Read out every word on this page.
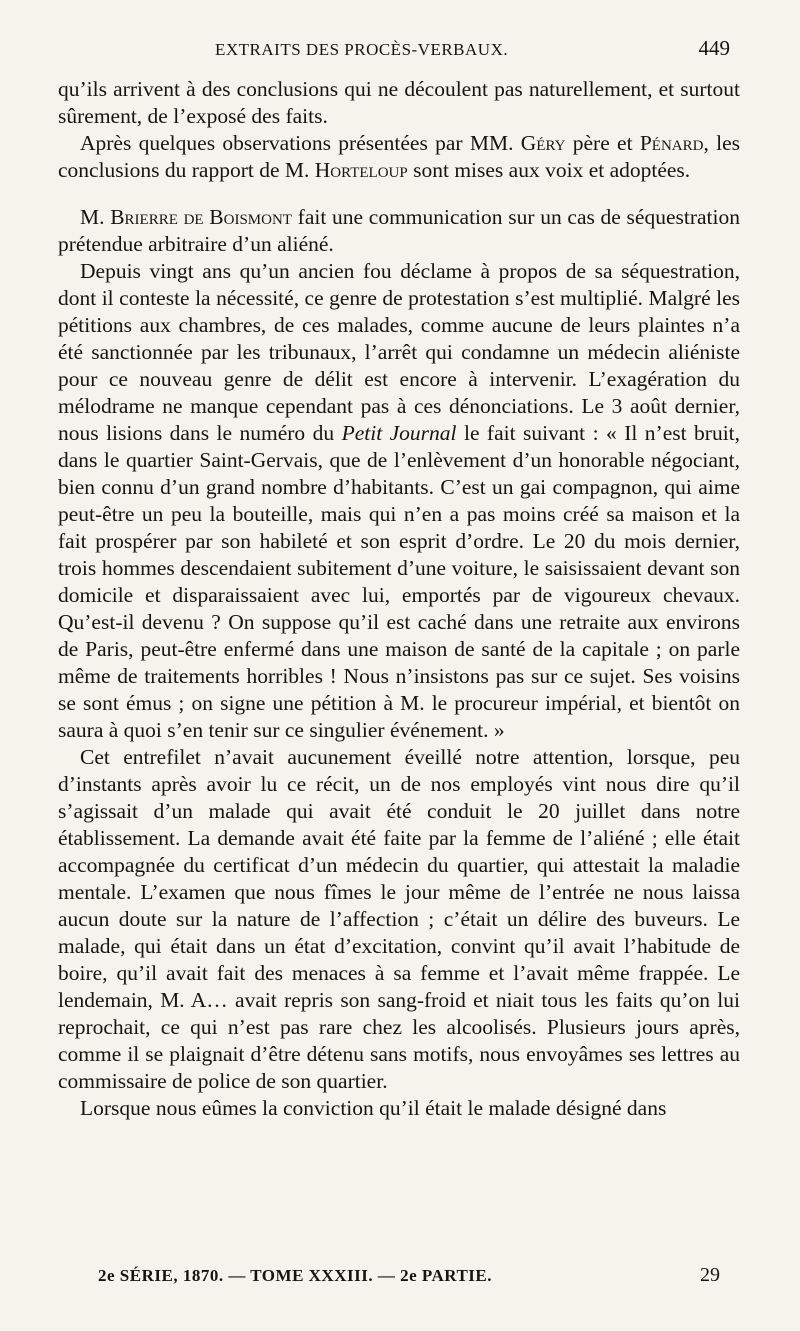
EXTRAITS DES PROCÈS-VERBAUX.	449

qu’ils arrivent à des conclusions qui ne découlent pas naturellement, et surtout sûrement, de l’exposé des faits.

Après quelques observations présentées par MM. Géry père et Pénard, les conclusions du rapport de M. Horteloup sont mises aux voix et adoptées.

M. Brierre de Boismont fait une communication sur un cas de séquestration prétendue arbitraire d’un aliéné.

Depuis vingt ans qu’un ancien fou déclame à propos de sa séquestration, dont il conteste la nécessité, ce genre de protestation s’est multiplié. Malgré les pétitions aux chambres, de ces malades, comme aucune de leurs plaintes n’a été sanctionnée par les tribunaux, l’arrêt qui condamne un médecin aliéniste pour ce nouveau genre de délit est encore à intervenir. L’exagération du mélodrame ne manque cependant pas à ces dénonciations. Le 3 août dernier, nous lisions dans le numéro du Petit Journal le fait suivant : « Il n’est bruit, dans le quartier Saint-Gervais, que de l’enlèvement d’un honorable négociant, bien connu d’un grand nombre d’habitants. C’est un gai compagnon, qui aime peut-être un peu la bouteille, mais qui n’en a pas moins créé sa maison et la fait prospérer par son habileté et son esprit d’ordre. Le 20 du mois dernier, trois hommes descendaient subitement d’une voiture, le saisissaient devant son domicile et disparaissaient avec lui, emportés par de vigoureux chevaux. Qu’est-il devenu ? On suppose qu’il est caché dans une retraite aux environs de Paris, peut-être enfermé dans une maison de santé de la capitale ; on parle même de traitements horribles ! Nous n’insistons pas sur ce sujet. Ses voisins se sont émus ; on signe une pétition à M. le procureur impérial, et bientôt on saura à quoi s’en tenir sur ce singulier événement. »

Cet entrefilet n’avait aucunement éveillé notre attention, lorsque, peu d’instants après avoir lu ce récit, un de nos employés vint nous dire qu’il s’agissait d’un malade qui avait été conduit le 20 juillet dans notre établissement. La demande avait été faite par la femme de l’aliéné ; elle était accompagnée du certificat d’un médecin du quartier, qui attestait la maladie mentale. L’examen que nous fîmes le jour même de l’entrée ne nous laissa aucun doute sur la nature de l’affection ; c’était un délire des buveurs. Le malade, qui était dans un état d’excitation, convint qu’il avait l’habitude de boire, qu’il avait fait des menaces à sa femme et l’avait même frappée. Le lendemain, M. A… avait repris son sang-froid et niait tous les faits qu’on lui reprochait, ce qui n’est pas rare chez les alcoolisés. Plusieurs jours après, comme il se plaignait d’être détenu sans motifs, nous envoyâmes ses lettres au commissaire de police de son quartier.

Lorsque nous eûmes la conviction qu’il était le malade désigné dans

2e SÉRIE, 1870. — TOME XXXIII. — 2e PARTIE.	29
